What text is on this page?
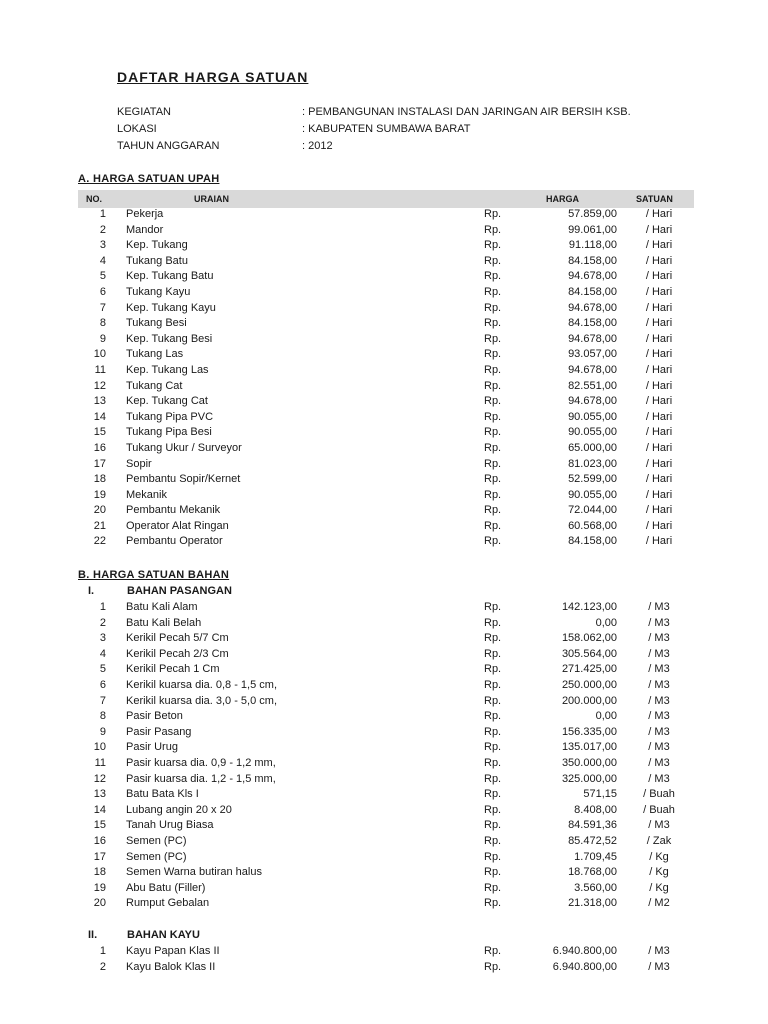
DAFTAR HARGA SATUAN
KEGIATAN	: PEMBANGUNAN INSTALASI DAN JARINGAN AIR BERSIH KSB.
LOKASI	: KABUPATEN SUMBAWA BARAT
TAHUN ANGGARAN	: 2012
A. HARGA SATUAN UPAH
NO.	URAIAN	HARGA	SATUAN
1 Pekerja	Rp.	57.859,00	/ Hari
2 Mandor	Rp.	99.061,00	/ Hari
3 Kep. Tukang	Rp.	91.118,00	/ Hari
4 Tukang Batu	Rp.	84.158,00	/ Hari
5 Kep. Tukang Batu	Rp.	94.678,00	/ Hari
6 Tukang Kayu	Rp.	84.158,00	/ Hari
7 Kep. Tukang Kayu	Rp.	94.678,00	/ Hari
8 Tukang Besi	Rp.	84.158,00	/ Hari
9 Kep. Tukang Besi	Rp.	94.678,00	/ Hari
10 Tukang Las	Rp.	93.057,00	/ Hari
11 Kep. Tukang Las	Rp.	94.678,00	/ Hari
12 Tukang Cat	Rp.	82.551,00	/ Hari
13 Kep. Tukang Cat	Rp.	94.678,00	/ Hari
14 Tukang Pipa PVC	Rp.	90.055,00	/ Hari
15 Tukang Pipa Besi	Rp.	90.055,00	/ Hari
16 Tukang Ukur / Surveyor	Rp.	65.000,00	/ Hari
17 Sopir	Rp.	81.023,00	/ Hari
18 Pembantu Sopir/Kernet	Rp.	52.599,00	/ Hari
19 Mekanik	Rp.	90.055,00	/ Hari
20 Pembantu Mekanik	Rp.	72.044,00	/ Hari
21 Operator Alat Ringan	Rp.	60.568,00	/ Hari
22 Pembantu Operator	Rp.	84.158,00	/ Hari
B. HARGA SATUAN BAHAN
I.	BAHAN PASANGAN
1 Batu Kali Alam	Rp.	142.123,00	/ M3
2 Batu Kali Belah	Rp.	0,00	/ M3
3 Kerikil Pecah 5/7 Cm	Rp.	158.062,00	/ M3
4 Kerikil Pecah 2/3 Cm	Rp.	305.564,00	/ M3
5 Kerikil Pecah 1 Cm	Rp.	271.425,00	/ M3
6 Kerikil kuarsa dia. 0,8 - 1,5 cm,	Rp.	250.000,00	/ M3
7 Kerikil kuarsa dia. 3,0 - 5,0 cm,	Rp.	200.000,00	/ M3
8 Pasir Beton	Rp.	0,00	/ M3
9 Pasir Pasang	Rp.	156.335,00	/ M3
10 Pasir Urug	Rp.	135.017,00	/ M3
11 Pasir kuarsa dia. 0,9 - 1,2 mm,	Rp.	350.000,00	/ M3
12 Pasir kuarsa dia. 1,2 - 1,5 mm,	Rp.	325.000,00	/ M3
13 Batu Bata Kls I	Rp.	571,15	/ Buah
14 Lubang angin 20 x 20	Rp.	8.408,00	/ Buah
15 Tanah Urug Biasa	Rp.	84.591,36	/ M3
16 Semen (PC)	Rp.	85.472,52	/ Zak
17 Semen (PC)	Rp.	1.709,45	/ Kg
18 Semen Warna butiran halus	Rp.	18.768,00	/ Kg
19 Abu Batu (Filler)	Rp.	3.560,00	/ Kg
20 Rumput Gebalan	Rp.	21.318,00	/ M2
II.	BAHAN KAYU
1 Kayu Papan Klas II	Rp.	6.940.800,00	/ M3
2 Kayu Balok Klas II	Rp.	6.940.800,00	/ M3
